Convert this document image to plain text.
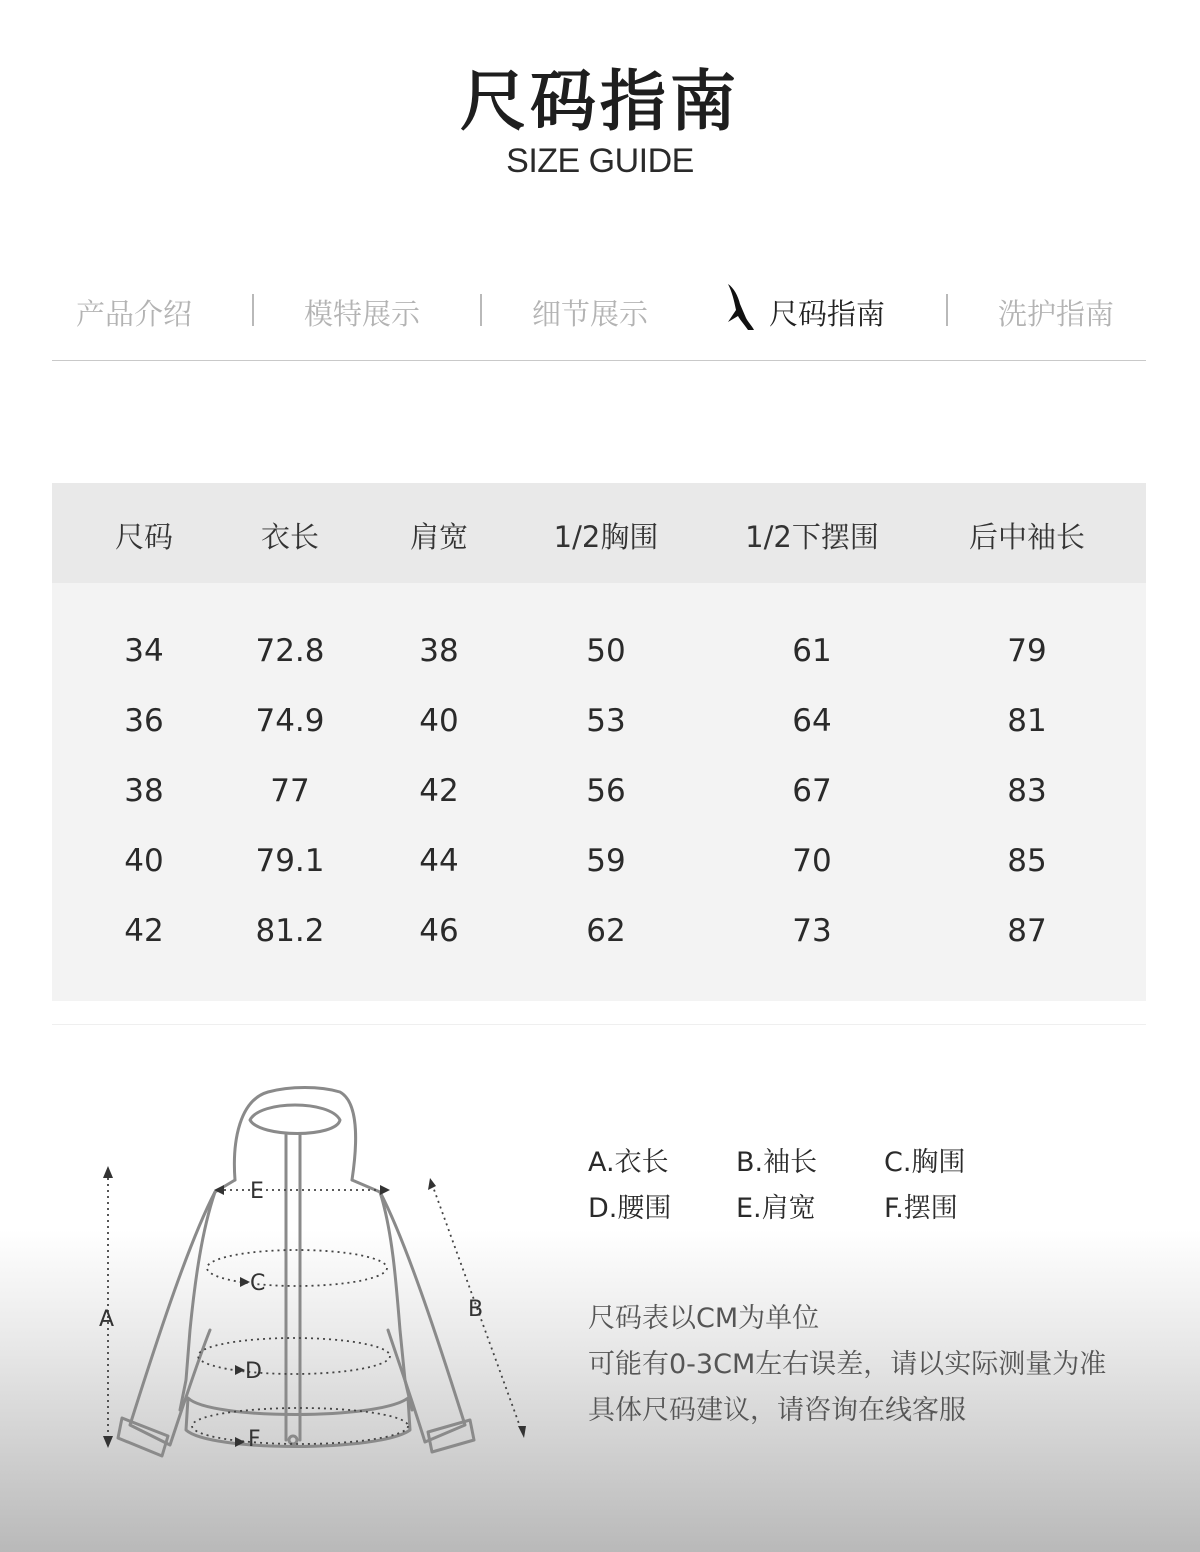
尺码指南
SIZE GUIDE
产品介绍	模特展示	细节展示	尺码指南	洗护指南
尺码	衣长	肩宽	1/2胸围	1/2下摆围	后中袖长
34	72.8	38	50	61	79
36	74.9	40	53	64	81
38	77	42	56	67	83
40	79.1	44	59	70	85
42	81.2	46	62	73	87
A	B
C
D
E
F
A.衣长 B.袖长 C.胸围
D.腰围 E.肩宽	F.摆围
尺码表以CM为单位
可能有0-3CM左右误差，请以实际测量为准
具体尺码建议，请咨询在线客服
